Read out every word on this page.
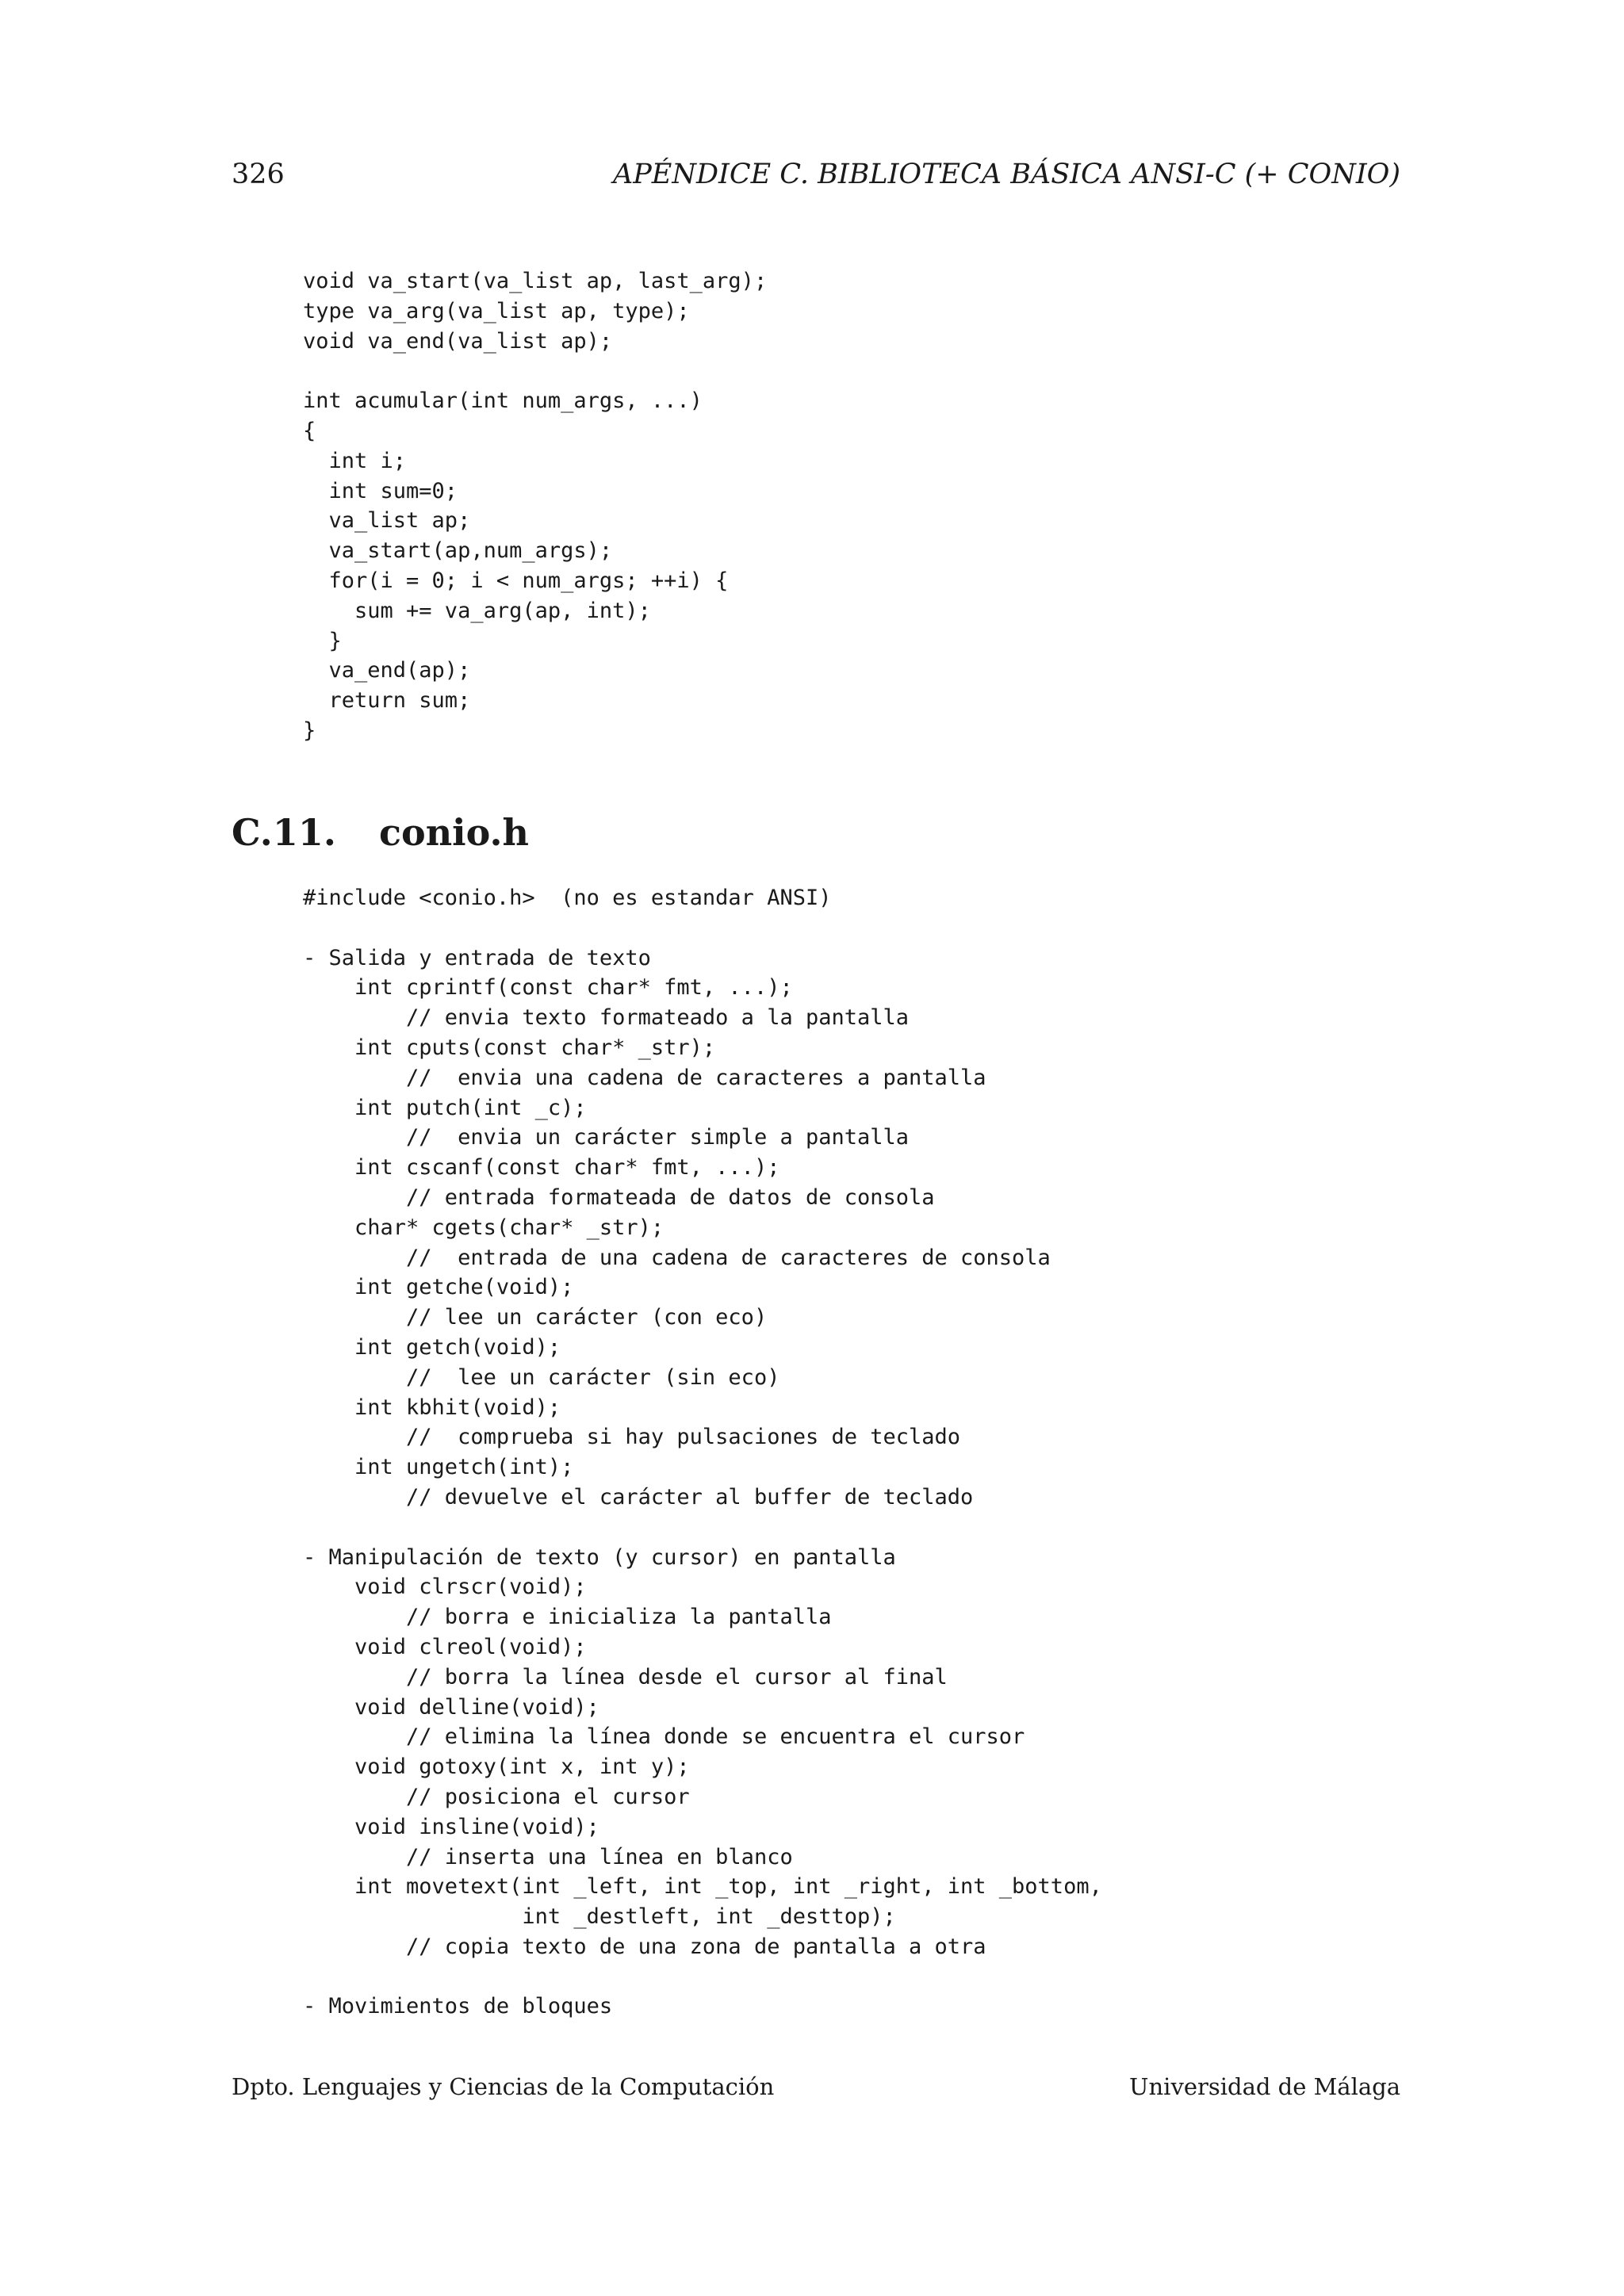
326	APÉNDICE C. BIBLIOTECA BÁSICA ANSI-C (+ CONIO)
void va_start(va_list ap, last_arg);
type va_arg(va_list ap, type);
void va_end(va_list ap);
int acumular(int num_args, ...)
{
int i;
int sum=0;
va_list ap;
va_start(ap,num_args);
for(i = 0; i < num_args; ++i) {
sum += va_arg(ap, int);
}
va_end(ap);
return sum;
}
C.11. conio.h
#include <conio.h>  (no es estandar ANSI)
- Salida y entrada de texto
int cprintf(const char* fmt, ...);
// envia texto formateado a la pantalla
int cputs(const char* _str);
//  envia una cadena de caracteres a pantalla
int putch(int _c);
//  envia un carácter simple a pantalla
int cscanf(const char* fmt, ...);
// entrada formateada de datos de consola
char* cgets(char* _str);
//  entrada de una cadena de caracteres de consola
int getche(void);
// lee un carácter (con eco)
int getch(void);
//  lee un carácter (sin eco)
int kbhit(void);
//  comprueba si hay pulsaciones de teclado
int ungetch(int);
// devuelve el carácter al buffer de teclado
- Manipulación de texto (y cursor) en pantalla
void clrscr(void);
// borra e inicializa la pantalla
void clreol(void);
// borra la línea desde el cursor al final
void delline(void);
// elimina la línea donde se encuentra el cursor
void gotoxy(int x, int y);
// posiciona el cursor
void insline(void);
// inserta una línea en blanco
int movetext(int _left, int _top, int _right, int _bottom,
int _destleft, int _desttop);
// copia texto de una zona de pantalla a otra
- Movimientos de bloques
Dpto. Lenguajes y Ciencias de la Computación	Universidad de Málaga
